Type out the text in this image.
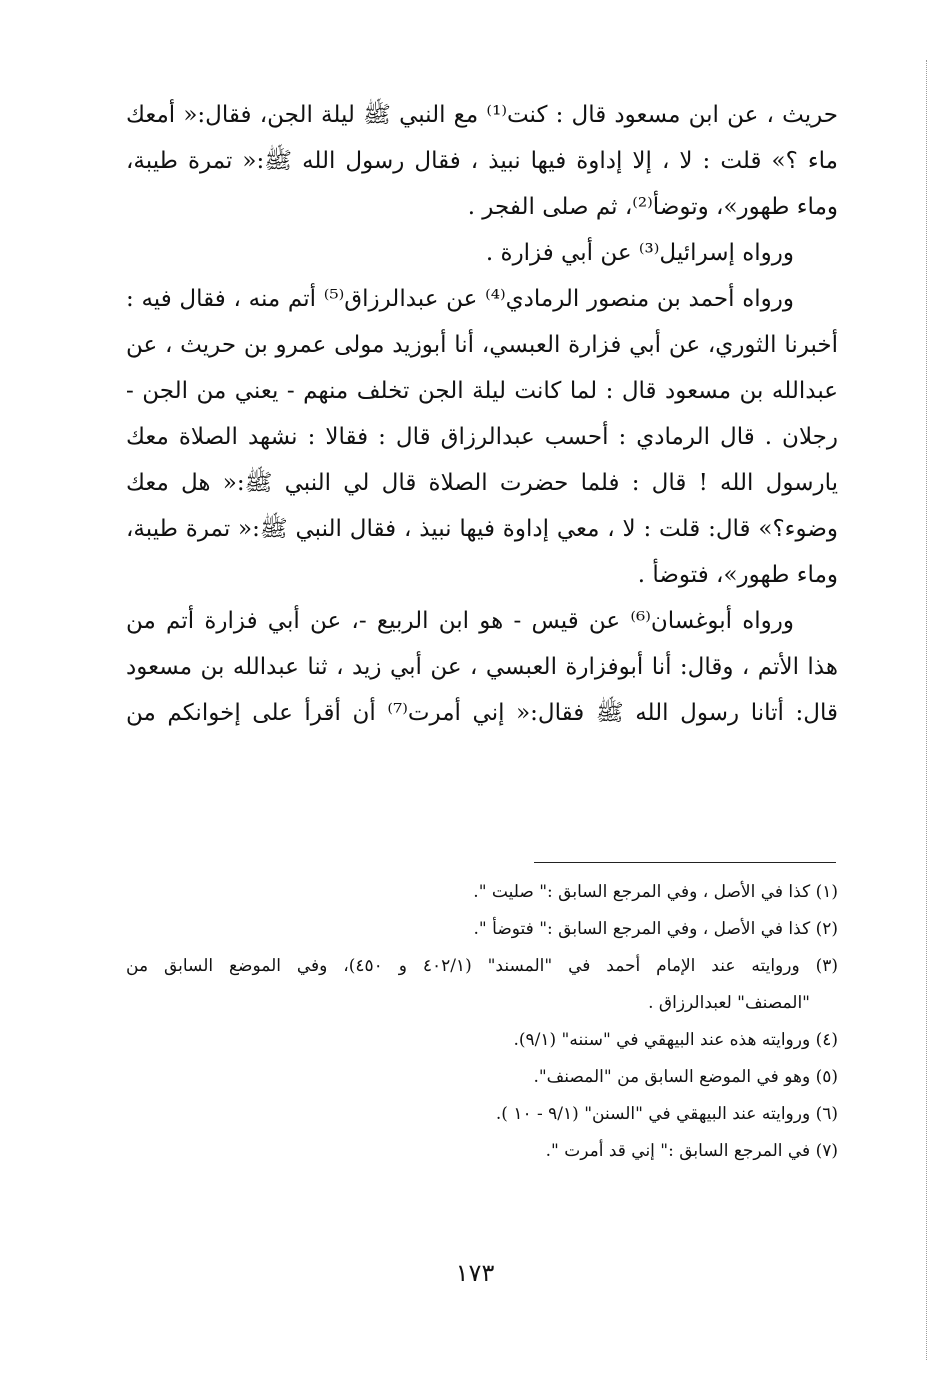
حريث ، عن ابن مسعود قال : كنت⁽¹⁾ مع النبي ﷺ ليلة الجن، فقال:« أمعك
ماء ؟» قلت : لا ، إلا إداوة فيها نبيذ ، فقال رسول الله ﷺ:« تمرة طيبة،
وماء طهور»، وتوضأ⁽²⁾، ثم صلى الفجر .
ورواه إسرائيل⁽³⁾ عن أبي فزارة .
ورواه أحمد بن منصور الرمادي⁽⁴⁾ عن عبدالرزاق⁽⁵⁾ أتم منه ، فقال فيه :
أخبرنا الثوري، عن أبي فزارة العبسي، أنا أبوزيد مولى عمرو بن حريث ، عن
عبدالله بن مسعود قال : لما كانت ليلة الجن تخلف منهم - يعني من الجن -
رجلان . قال الرمادي : أحسب عبدالرزاق قال : فقالا : نشهد الصلاة معك
يارسول الله ! قال : فلما حضرت الصلاة قال لي النبي ﷺ:« هل معك
وضوء؟» قال: قلت : لا ، معي إداوة فيها نبيذ ، فقال النبي ﷺ:« تمرة طيبة،
وماء طهور»، فتوضأ .
ورواه أبوغسان⁽⁶⁾ عن قيس - هو ابن الربيع -، عن أبي فزارة أتم من
هذا الأتم ، وقال: أنا أبوفزارة العبسي ، عن أبي زيد ، ثنا عبدالله بن مسعود
قال: أتانا رسول الله ﷺ فقال:« إني أمرت⁽⁷⁾ أن أقرأ على إخوانكم من
(١) كذا في الأصل ، وفي المرجع السابق :" صليت ".
(٢) كذا في الأصل ، وفي المرجع السابق :" فتوضأ ".
(٣) وروايته عند الإمام أحمد في "المسند" (٤٠٢/١ و ٤٥٠)، وفي الموضع السابق من
"المصنف" لعبدالرزاق .
(٤) وروايته هذه عند البيهقي في "سننه" (٩/١).
(٥) وهو في الموضع السابق من "المصنف".
(٦) وروايته عند البيهقي في "السنن" (٩/١ - ١٠ ).
(٧) في المرجع السابق :" إني قد أمرت ".
١٧٣
